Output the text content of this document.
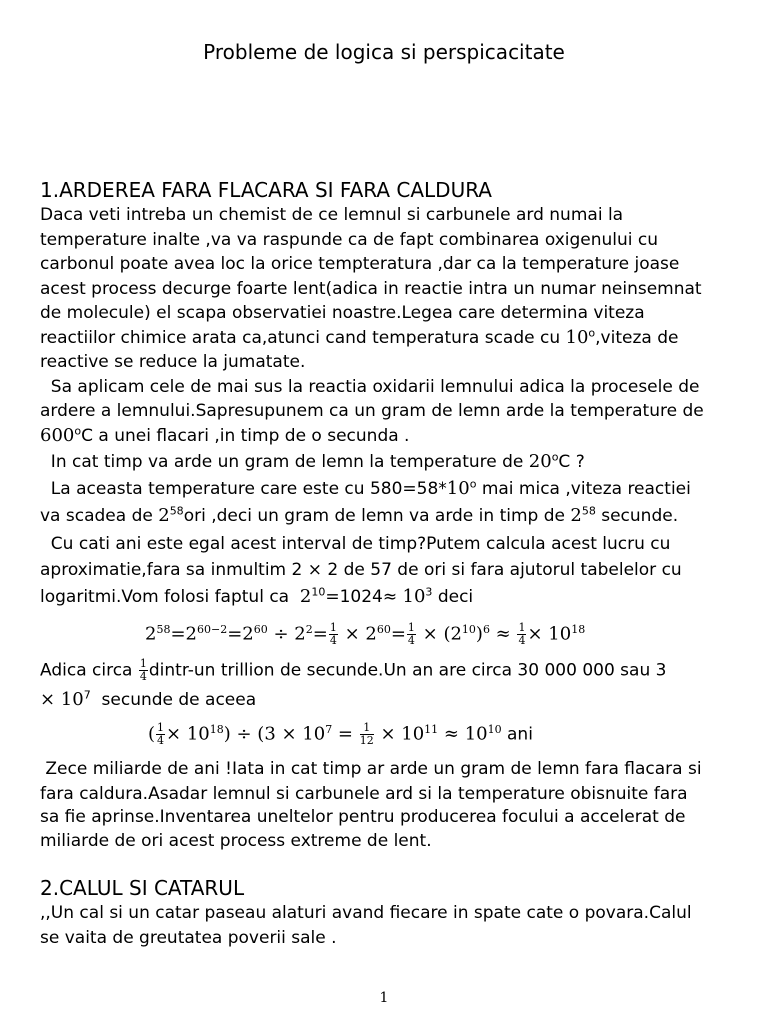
Probleme de logica si perspicacitate
1.ARDEREA FARA FLACARA SI FARA CALDURA
Daca veti intreba un chemist de ce lemnul si carbunele ard numai la
temperature inalte ,va va raspunde ca de fapt combinarea oxigenului cu
carbonul poate avea loc la orice tempteratura ,dar ca la temperature joase
acest process decurge foarte lent(adica in reactie intra un numar neinsemnat
de molecule) el scapa observatiei noastre.Legea care determina viteza
reactiilor chimice arata ca,atunci cand temperatura scade cu 10$^o$,viteza de
reactive se reduce la jumatate.
Sa aplicam cele de mai sus la reactia oxidarii lemnului adica la procesele de
ardere a lemnului.Sapresupunem ca un gram de lemn arde la temperature de
600$^o$C a unei flacari ,in timp de o secunda .
In cat timp va arde un gram de lemn la temperature de 20$^o$C ?
La aceasta temperature care este cu $580=58*10^o$ mai mica ,viteza reactiei
va scadea de $2^{58}ori$ ,deci un gram de lemn va arde in timp de $2^{58}$ secunde.
Cu cati ani este egal acest interval de timp?Putem calcula acest lucru cu
aproximatie,fara sa inmultim 2 × 2 de 57 de ori si fara ajutorul tabelelor cu
logaritmi.Vom folosi faptul ca  $2^{10}=1024\approx 10^3$ deci
$2^{58}=2^{60-2}=2^{60} \div 2^2= \frac{1}{4} \times 2^{60}= \frac{1}{4} \times (2^{10})^6 \approx \frac{1}{4} \times 10^{18}$
Adica circa $\frac{1}{4}$ dintr-un trillion de secunde.Un an are circa 30 000 000 sau 3
× $10^7$  secunde de aceea
( $\frac{1}{4} \times 10^{18}) \div (3 \times 10^7 = \frac{1}{12} \times 10^{11} \approx 10^{10}$ ani
Zece miliarde de ani !Iata in cat timp ar arde un gram de lemn fara flacara si
fara caldura.Asadar lemnul si carbunele ard si la temperature obisnuite fara
sa fie aprinse.Inventarea uneltelor pentru producerea focului a accelerat de
miliarde de ori acest process extreme de lent.
2.CALUL SI CATARUL
,,Un cal si un catar paseau alaturi avand fiecare in spate cate o povara.Calul
se vaita de greutatea poverii sale .
1
